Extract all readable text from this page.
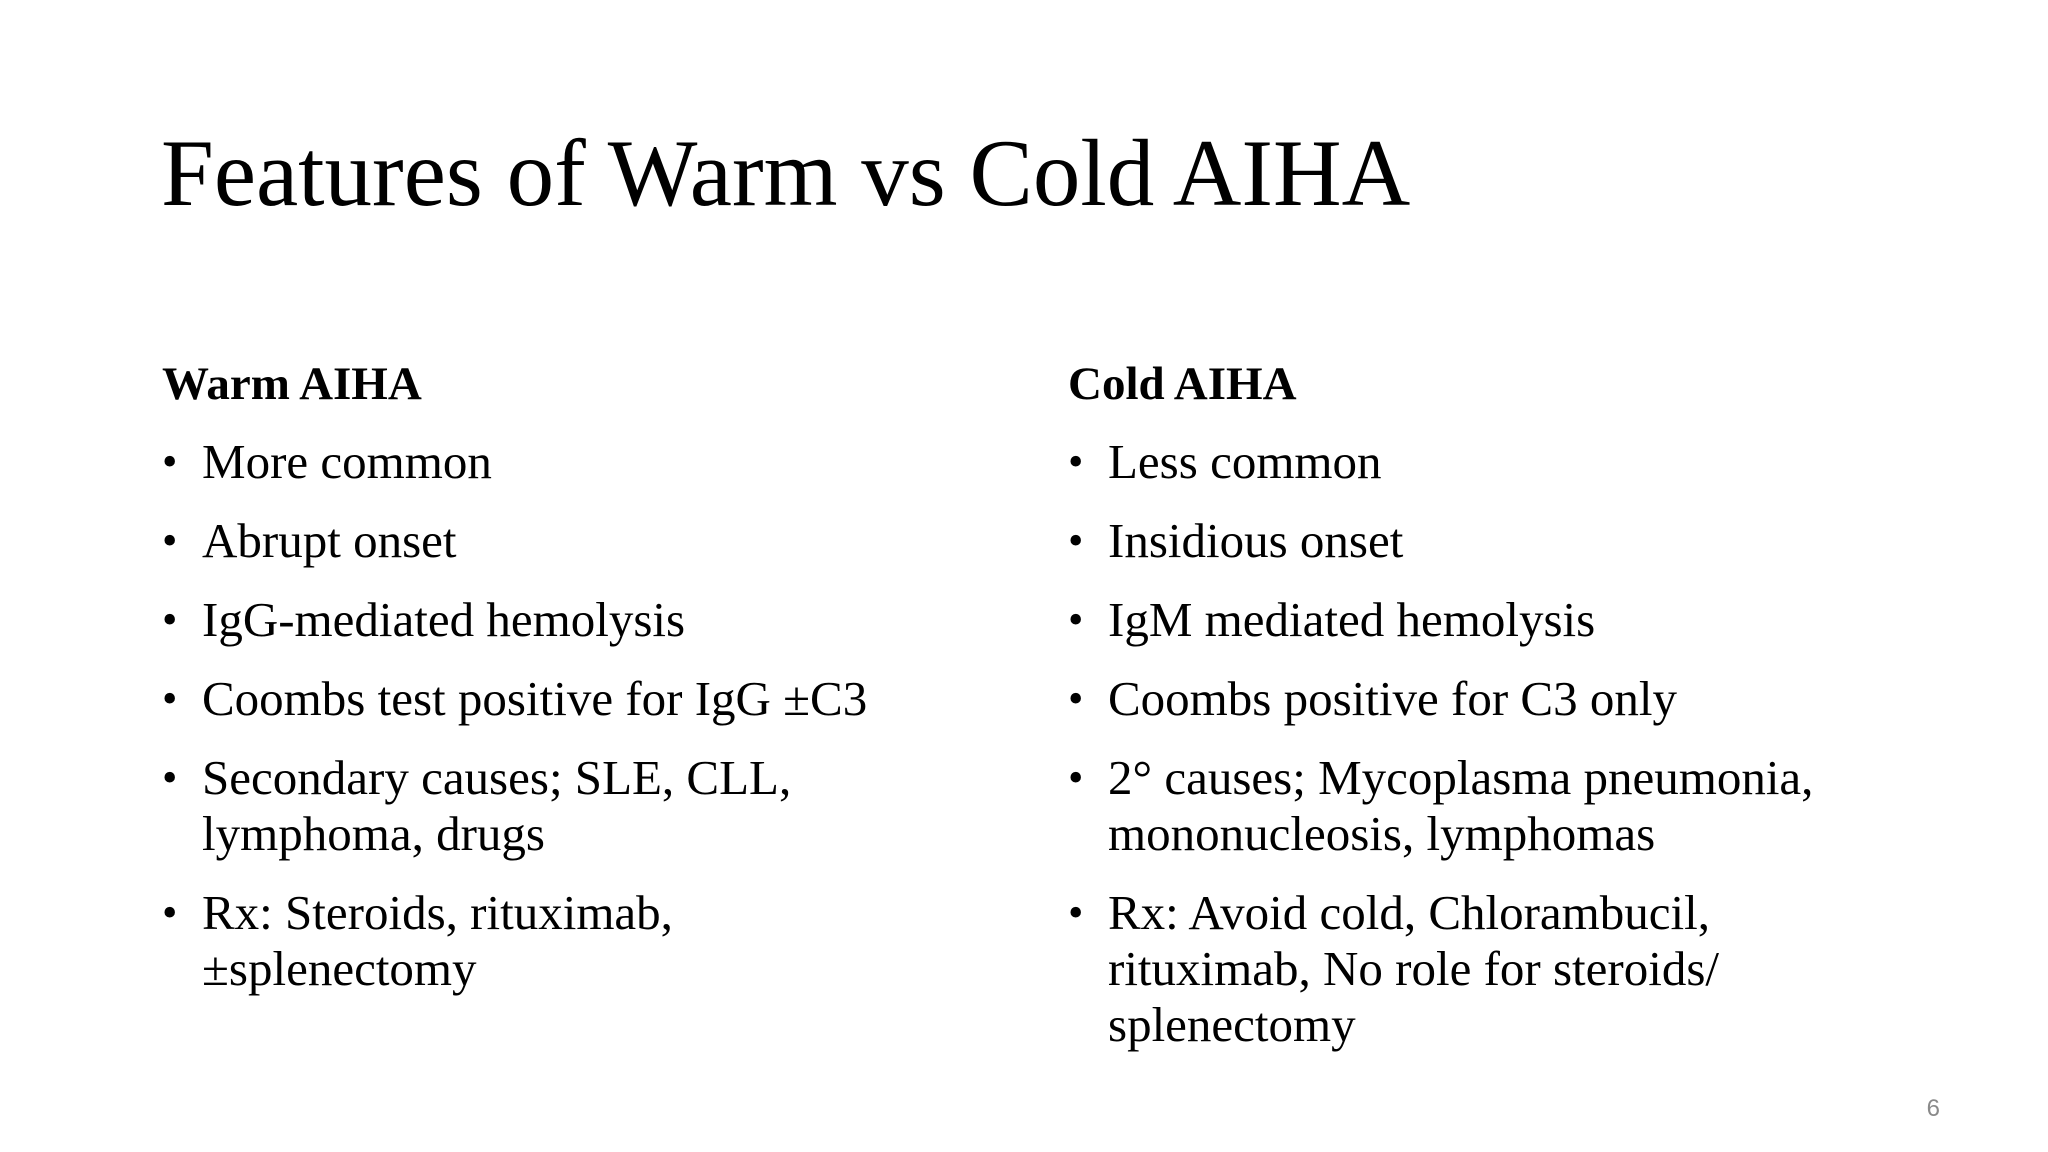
Features of Warm vs Cold AIHA
Warm AIHA
• More common
• Abrupt onset
• IgG-mediated hemolysis
• Coombs test positive for IgG ±C3
• Secondary causes; SLE, CLL, lymphoma, drugs
• Rx: Steroids, rituximab, ±splenectomy
Cold AIHA
• Less common
• Insidious onset
• IgM mediated hemolysis
• Coombs positive for C3 only
• 2° causes; Mycoplasma pneumonia, mononucleosis, lymphomas
• Rx: Avoid cold, Chlorambucil, rituximab, No role for steroids/ splenectomy
6
